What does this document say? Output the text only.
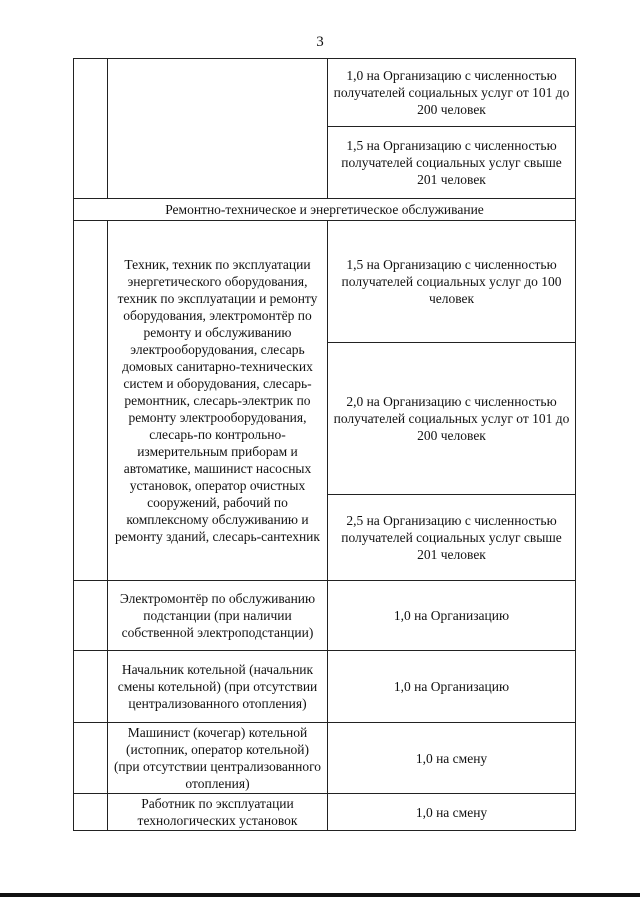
3
		1,0 на Организацию с численностью получателей социальных услуг от 101 до 200 человек
		1,5 на Организацию с численностью получателей социальных услуг свыше 201 человек
Ремонтно-техническое и энергетическое обслуживание		
	Техник, техник по эксплуатации энергетического оборудования, техник по эксплуатации и ремонту оборудования, электромонтёр по ремонту и обслуживанию электрооборудования, слесарь домовых санитарно-технических систем и оборудования, слесарь-ремонтник, слесарь-электрик по ремонту электрооборудования, слесарь-по контрольно-измерительным приборам и автоматике, машинист насосных установок, оператор очистных сооружений, рабочий по комплексному обслуживанию и ремонту зданий, слесарь-сантехник	1,5 на Организацию с численностью получателей социальных услуг до 100 человек
		2,0 на Организацию с численностью получателей социальных услуг от 101 до 200 человек
		2,5 на Организацию с численностью получателей социальных услуг свыше 201 человек
	Электромонтёр по обслуживанию подстанции (при наличии собственной электроподстанции)	1,0 на Организацию
	Начальник котельной (начальник смены котельной) (при отсутствии централизованного отопления)	1,0 на Организацию
	Машинист (кочегар) котельной (истопник, оператор котельной) (при отсутствии централизованного отопления)	1,0 на смену
	Работник по эксплуатации технологических установок	1,0 на смену
